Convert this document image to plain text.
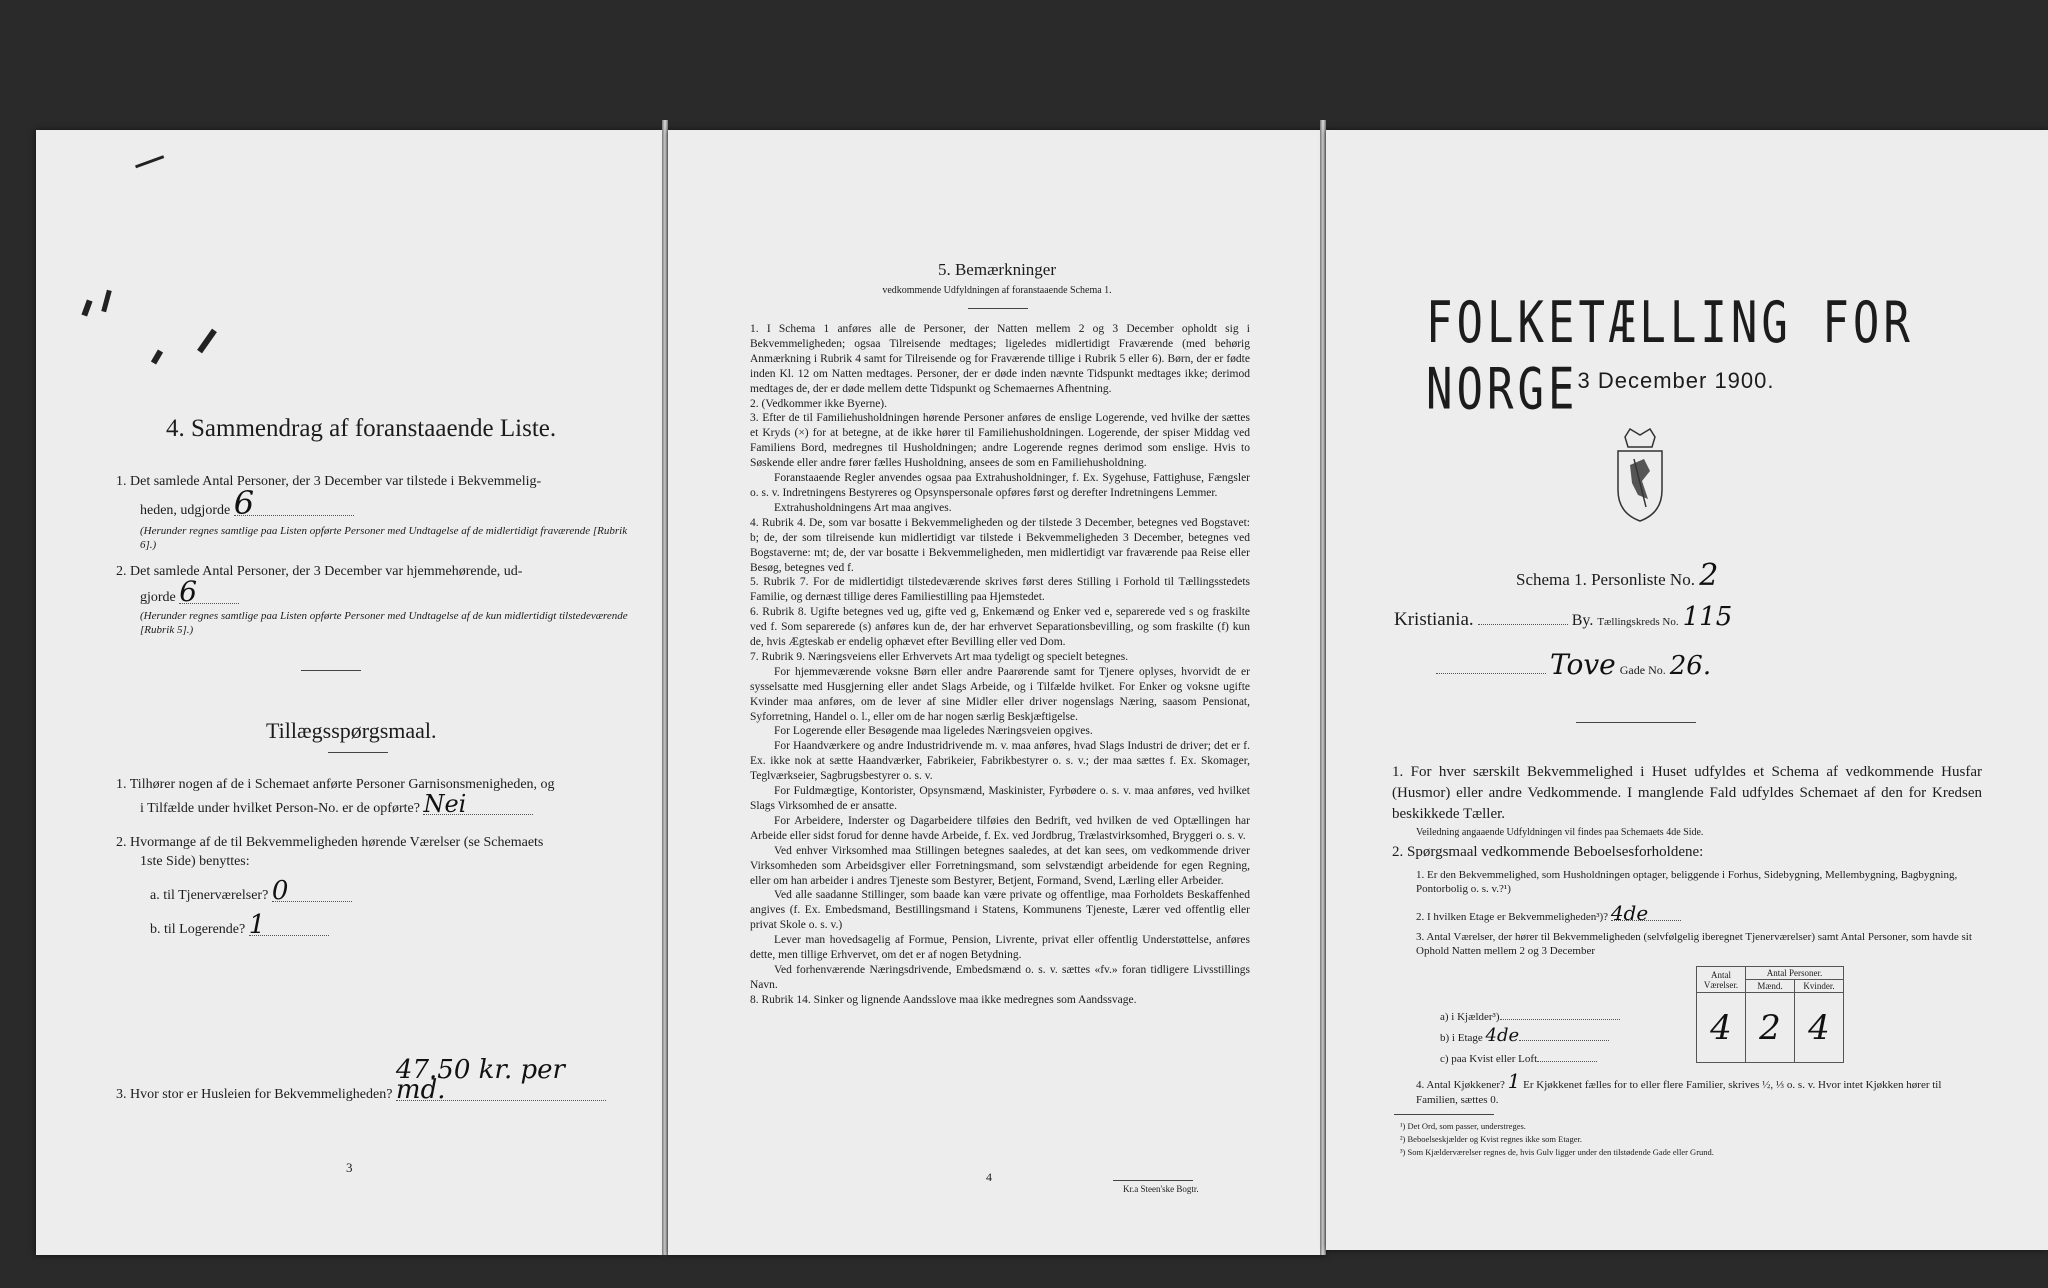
4. Sammendrag af foranstaaende Liste.
1. Det samlede Antal Personer, der 3 December var tilstede i Bekvemmelig-
heden, udgjorde 6
(Herunder regnes samtlige paa Listen opførte Personer med Undtagelse af de midlertidigt fraværende [Rubrik 6].)
2. Det samlede Antal Personer, der 3 December var hjemmehørende, ud-
gjorde 6
(Herunder regnes samtlige paa Listen opførte Personer med Undtagelse af de kun midlertidigt tilstedeværende [Rubrik 5].)
Tillægsspørgsmaal.
1. Tilhører nogen af de i Schemaet anførte Personer Garnisonsmenigheden, og
i Tilfælde under hvilket Person-No. er de opførte? Nei
2. Hvormange af de til Bekvemmeligheden hørende Værelser (se Schemaets
1ste Side) benyttes:
a. til Tjenerværelser? 0
b. til Logerende? 1
3. Hvor stor er Husleien for Bekvemmeligheden? 47.50 kr. per md.
3
5. Bemærkninger
vedkommende Udfyldningen af foranstaaende Schema 1.

1. I Schema 1 anføres alle de Personer, der Natten mellem 2 og 3 December opholdt sig i Bekvemmeligheden; ogsaa Tilreisende medtages; ligeledes midlertidigt Fraværende (med behørig Anmærkning i Rubrik 4 samt for Tilreisende og for Fraværende tillige i Rubrik 5 eller 6). Børn, der er fødte inden Kl. 12 om Natten medtages. Personer, der er døde inden nævnte Tidspunkt medtages ikke; derimod medtages de, der er døde mellem dette Tidspunkt og Schemaernes Afhentning.

2. (Vedkommer ikke Byerne).

3. Efter de til Familiehusholdningen hørende Personer anføres de enslige Logerende, ved hvilke der sættes et Kryds (×) for at betegne, at de ikke hører til Familiehusholdningen. Logerende, der spiser Middag ved Familiens Bord, medregnes til Husholdningen; andre Logerende regnes derimod som enslige. Hvis to Søskende eller andre fører fælles Husholdning, ansees de som en Familiehusholdning.

Foranstaaende Regler anvendes ogsaa paa Extrahusholdninger, f. Ex. Sygehuse, Fattighuse, Fængsler o. s. v. Indretningens Bestyreres og Opsynspersonale opføres først og derefter Indretningens Lemmer.

Extrahusholdningens Art maa angives.

4. Rubrik 4. De, som var bosatte i Bekvemmeligheden og der tilstede 3 December, betegnes ved Bogstavet: b; de, der som tilreisende kun midlertidigt var tilstede i Bekvemmeligheden 3 December, betegnes ved Bogstaverne: mt; de, der var bosatte i Bekvemmeligheden, men midlertidigt var fraværende paa Reise eller Besøg, betegnes ved f.

5. Rubrik 7. For de midlertidigt tilstedeværende skrives først deres Stilling i Forhold til Tællingsstedets Familie, og dernæst tillige deres Familiestilling paa Hjemstedet.

6. Rubrik 8. Ugifte betegnes ved ug, gifte ved g, Enkemænd og Enker ved e, separerede ved s og fraskilte ved f. Som separerede (s) anføres kun de, der har erhvervet Separationsbevilling, og som fraskilte (f) kun de, hvis Ægteskab er endelig ophævet efter Bevilling eller ved Dom.

7. Rubrik 9. Næringsveiens eller Erhvervets Art maa tydeligt og specielt betegnes.

For hjemmeværende voksne Børn eller andre Paarørende samt for Tjenere oplyses, hvorvidt de er sysselsatte med Husgjerning eller andet Slags Arbeide, og i Tilfælde hvilket. For Enker og voksne ugifte Kvinder maa anføres, om de lever af sine Midler eller driver nogenslags Næring, saasom Pensionat, Syforretning, Handel o. l., eller om de har nogen særlig Beskjæftigelse.

For Logerende eller Besøgende maa ligeledes Næringsveien opgives.

For Haandværkere og andre Industridrivende m. v. maa anføres, hvad Slags Industri de driver; det er f. Ex. ikke nok at sætte Haandværker, Fabrikeier, Fabrikbestyrer o. s. v.; der maa sættes f. Ex. Skomager, Teglværkseier, Sagbrugsbestyrer o. s. v.

For Fuldmægtige, Kontorister, Opsynsmænd, Maskinister, Fyrbødere o. s. v. maa anføres, ved hvilket Slags Virksomhed de er ansatte.

For Arbeidere, Inderster og Dagarbeidere tilføies den Bedrift, ved hvilken de ved Optællingen har Arbeide eller sidst forud for denne havde Arbeide, f. Ex. ved Jordbrug, Trælastvirksomhed, Bryggeri o. s. v.

Ved enhver Virksomhed maa Stillingen betegnes saaledes, at det kan sees, om vedkommende driver Virksomheden som Arbeidsgiver eller Forretningsmand, som selvstændigt arbeidende for egen Regning, eller om han arbeider i andres Tjeneste som Bestyrer, Betjent, Formand, Svend, Lærling eller Arbeider.

Ved alle saadanne Stillinger, som baade kan være private og offentlige, maa Forholdets Beskaffenhed angives (f. Ex. Embedsmand, Bestillingsmand i Statens, Kommunens Tjeneste, Lærer ved offentlig eller privat Skole o. s. v.)

Lever man hovedsagelig af Formue, Pension, Livrente, privat eller offentlig Understøttelse, anføres dette, men tillige Erhvervet, om det er af nogen Betydning.

Ved forhenværende Næringsdrivende, Embedsmænd o. s. v. sættes «fv.» foran tidligere Livsstillings Navn.

8. Rubrik 14. Sinker og lignende Aandsslove maa ikke medregnes som Aandssvage.

4
Kr.a Steen'ske Bogtr.
FOLKETÆLLING FOR NORGE 3 December 1900.
Schema 1. Personliste No. 2
Kristiania.	By. Tællingskreds No. 115
Tove Gade No. 26.
1. For hver særskilt Bekvemmelighed i Huset udfyldes et Schema af vedkommende Husfar (Husmor) eller andre Vedkommende. I manglende Fald udfyldes Schemaet af den for Kredsen beskikkede Tæller.
Veiledning angaaende Udfyldningen vil findes paa Schemaets 4de Side.
2. Spørgsmaal vedkommende Beboelsesforholdene:
1. Er den Bekvemmelighed, som Husholdningen optager, beliggende i Forhus, Sidebygning, Mellembygning, Bagbygning, Pontorbolig o. s. v.?¹)
2. I hvilken Etage er Bekvemmeligheden³)? 4de
3. Antal Værelser, der hører til Bekvemmeligheden (selvfølgelig iberegnet Tjenerværelser) samt Antal Personer, som havde sit Ophold Natten mellem 2 og 3 December
Antal Værelser.	Antal Personer.	
	Mænd.	Kvinder.
4	2	4
a) i Kjælder³)
b) i Etage 4de
c) paa Kvist eller Loft
4. Antal Kjøkkener? 1 Er Kjøkkenet fælles for to eller flere Familier, skrives ½, ⅓ o. s. v. Hvor intet Kjøkken hører til Familien, sættes 0.
¹) Det Ord, som passer, understreges.
²) Beboelseskjælder og Kvist regnes ikke som Etager.
³) Som Kjælderværelser regnes de, hvis Gulv ligger under den tilstødende Gade eller Grund.
